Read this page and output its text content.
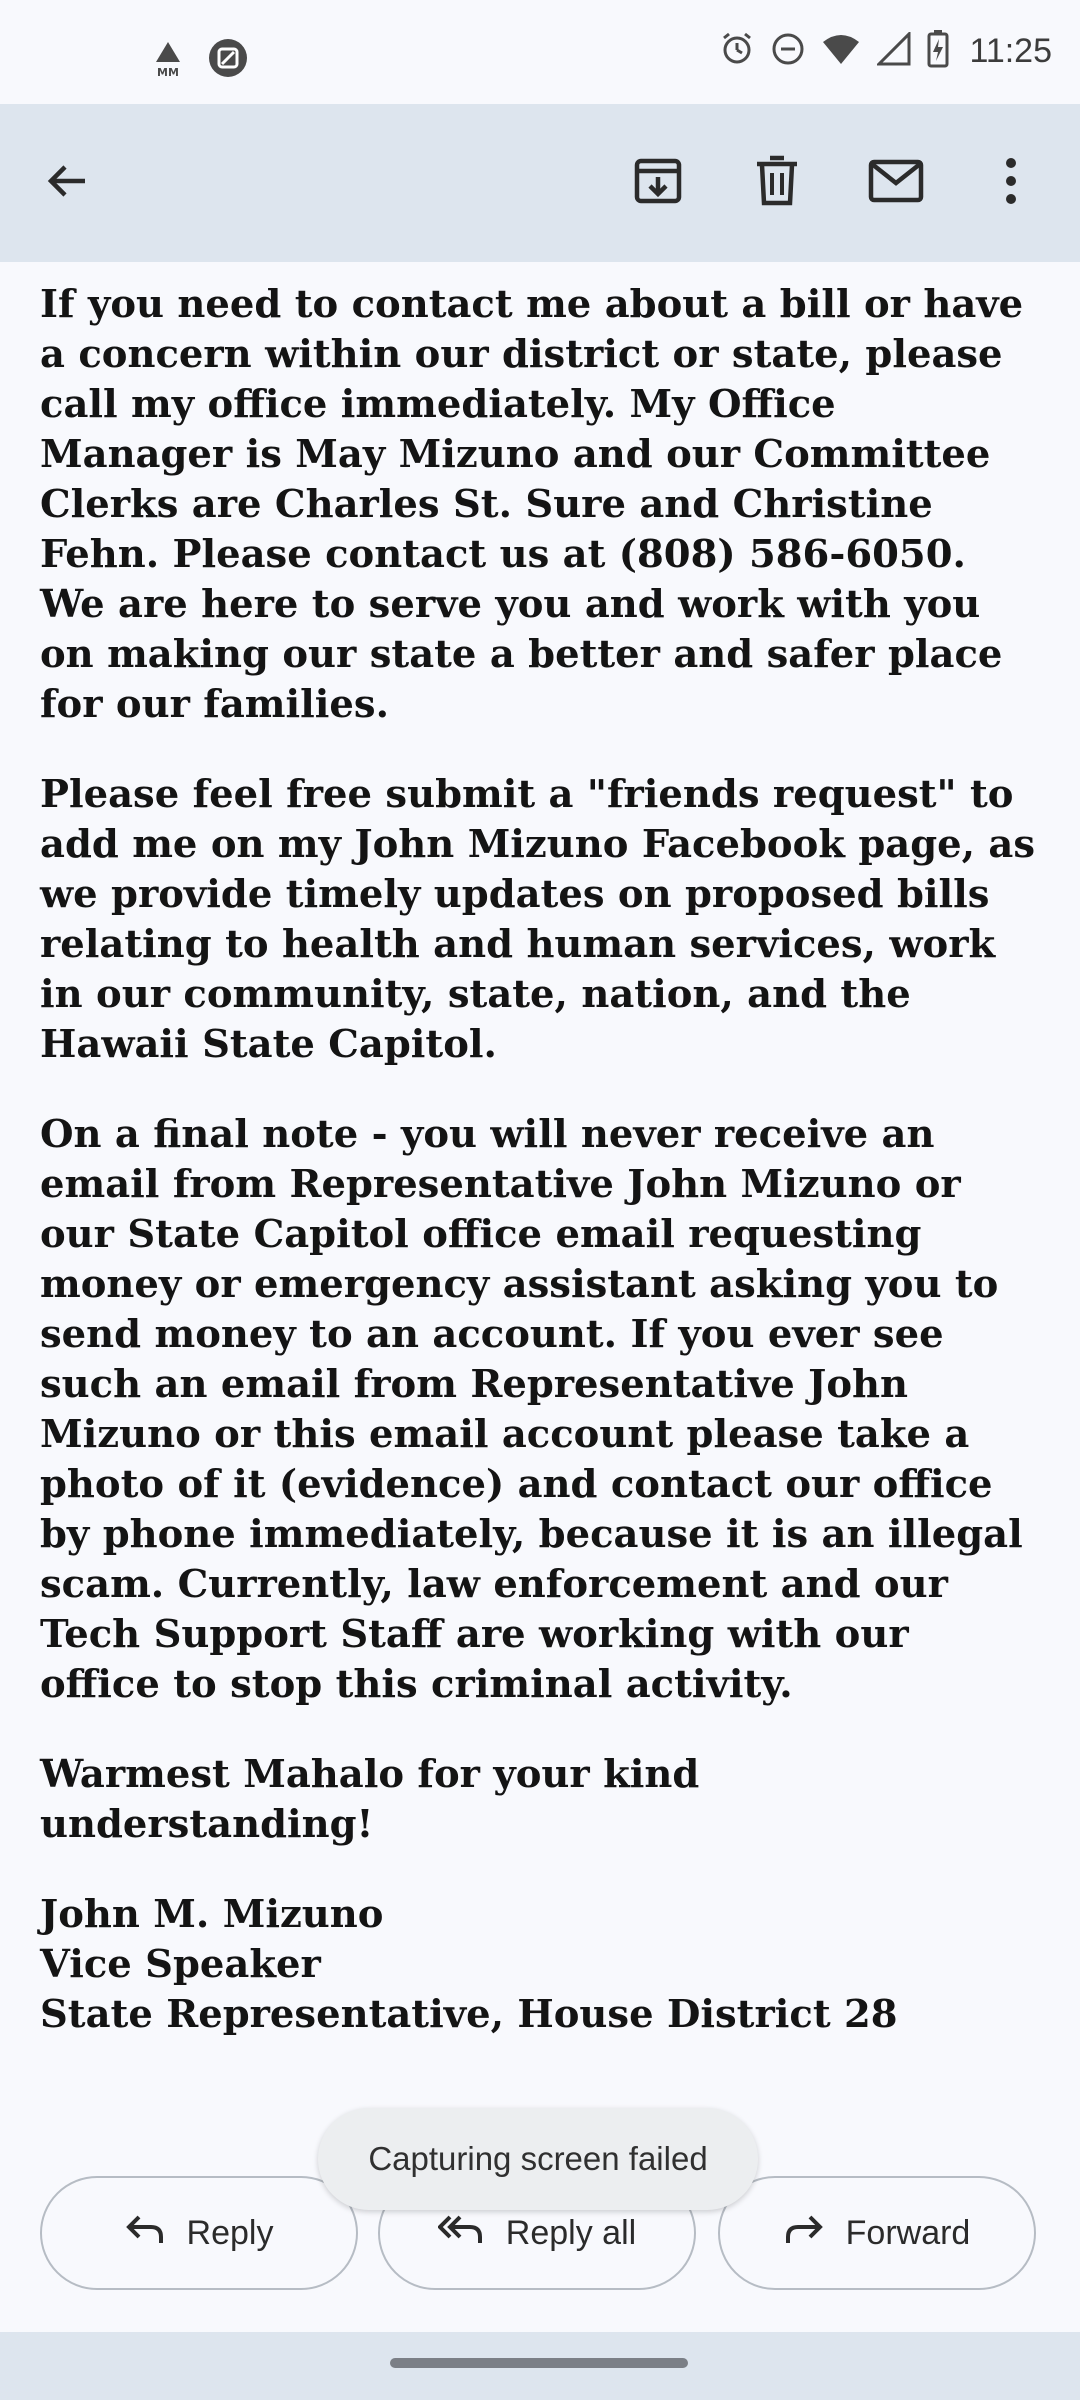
MM
11:25

If you need to contact me about a bill or have a concern within our district or state, please call my office immediately. My Office Manager is May Mizuno and our Committee Clerks are Charles St. Sure and Christine Fehn. Please contact us at (808) 586-6050. We are here to serve you and work with you on making our state a better and safer place for our families.

Please feel free submit a "friends request" to add me on my John Mizuno Facebook page, as we provide timely updates on proposed bills relating to health and human services, work in our community, state, nation, and the Hawaii State Capitol.

On a final note - you will never receive an email from Representative John Mizuno or our State Capitol office email requesting money or emergency assistant asking you to send money to an account. If you ever see such an email from Representative John Mizuno or this email account please take a photo of it (evidence) and contact our office by phone immediately, because it is an illegal scam. Currently, law enforcement and our Tech Support Staff are working with our office to stop this criminal activity.

Warmest Mahalo for your kind understanding!

John M. Mizuno
Vice Speaker
State Representative, House District 28
Capturing screen failed
Reply	Reply all	Forward
